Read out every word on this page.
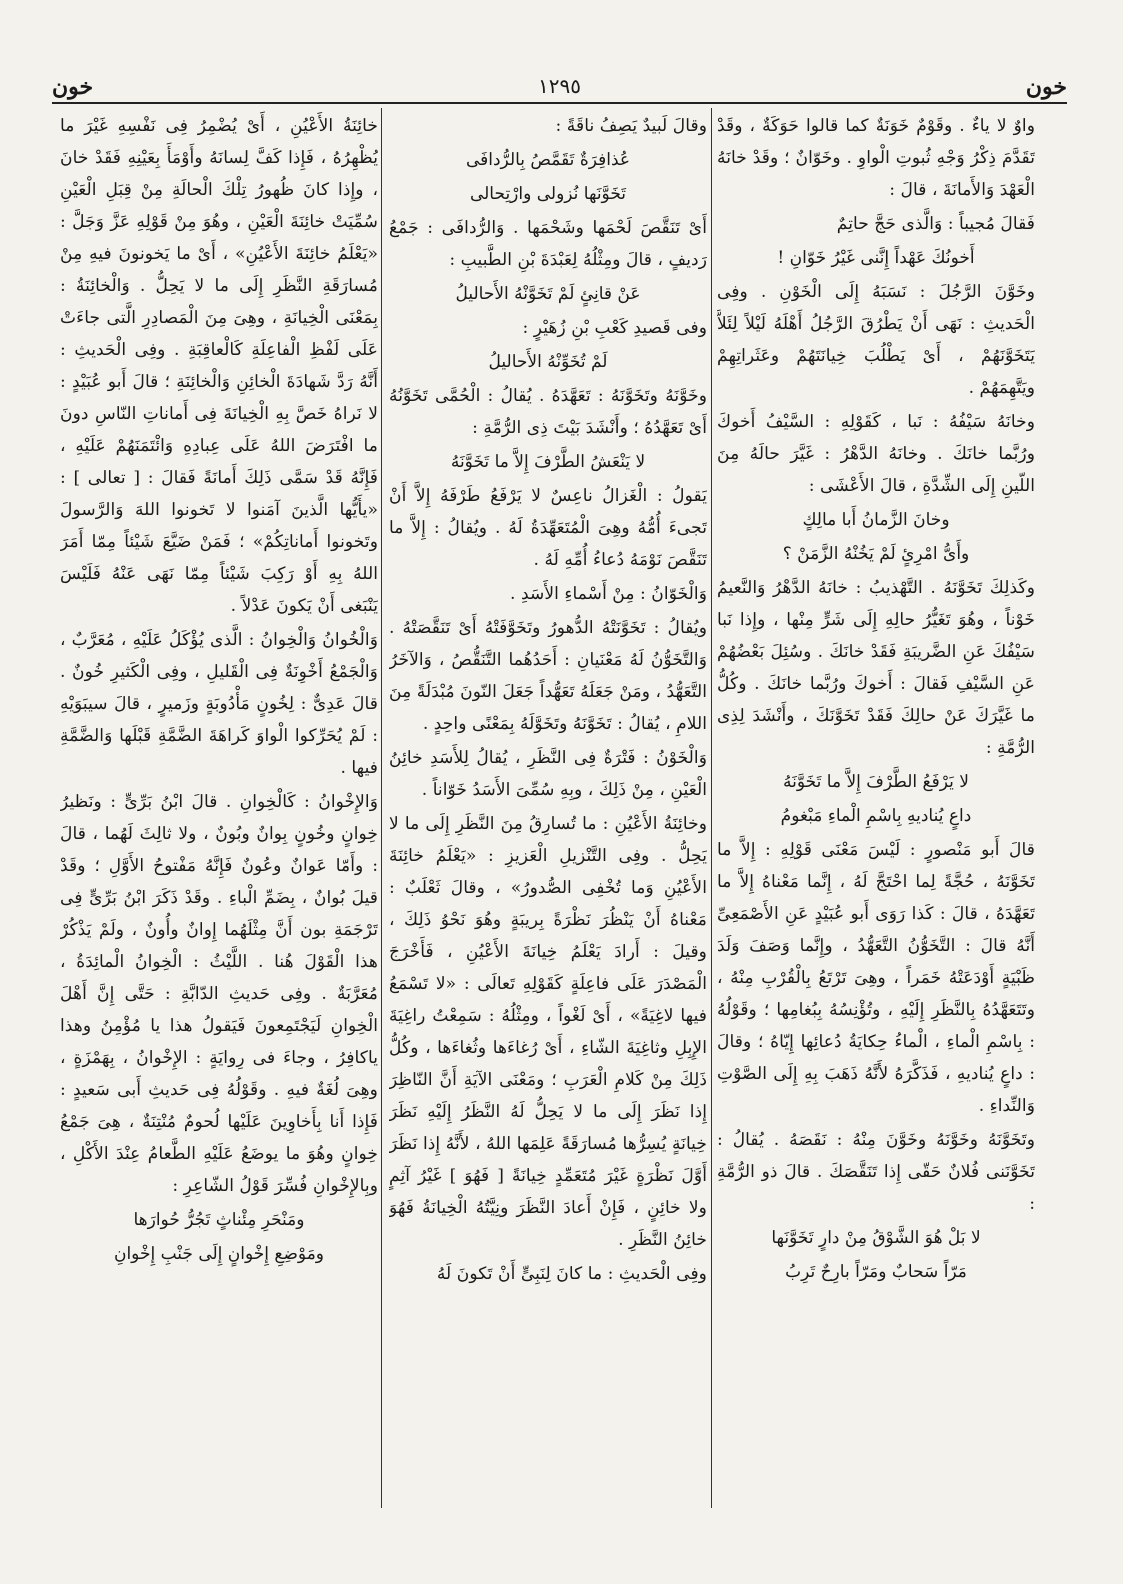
خون	١٢٩٥	خون

واوٌ لا ياءٌ . وقَوْمٌ خَوَنَةٌ كما قالوا حَوَكَةٌ ، وقَدْ تَقَدَّمَ ذِكْرُ وَجْهِ ثُبوتِ الْواوِ . وخَوّانٌ ؛ وقَدْ خانَهُ الْعَهْدَ وَالأَمانَةَ ، قالَ :

فَقالَ مُجيباً : وَالَّذى حَجَّ حاتِمٌ

أَخونُكَ عَهْداً إِنَّنى غَيْرُ خَوّانِ !

وخَوَّنَ الرَّجُلَ : نَسَبَهُ إِلَى الْخَوْنِ . وفِى الْحَديثِ : نَهَى أَنْ يَطْرُقَ الرَّجُلُ أَهْلَهُ لَيْلاً لِئَلاَّ يَتَخَوَّنَهُمْ ، أَىْ يَطْلُبَ خِيانَتَهُمْ وعَثَراتِهِمْ ويَتَّهِمَهُمْ .

وخانَهُ سَيْفُهُ : نَبا ، كَقَوْلِهِ : السَّيْفُ أَخوكَ ورُبَّما خانَكَ . وخانَهُ الدَّهْرُ : غَيَّرَ حالَهُ مِنَ اللّينِ إِلَى الشِّدَّةِ ، قالَ الأَعْشَى :

وخانَ الزَّمانُ أَبا مالِكٍ

وأَىُّ امْرِئٍ لَمْ يَخُنْهُ الزَّمَنْ ؟

وكَذلِكَ تَخَوَّنَهُ . التَّهْذيبُ : خانَهُ الدَّهْرُ وَالنَّعيمُ خَوْناً ، وهُوَ تَغَيُّرُ حالِهِ إِلَى شَرٍّ مِنْها ، وإِذا نَبا سَيْفُكَ عَنِ الضَّريبَةِ فَقَدْ خانَكَ . وسُئِلَ بَعْضُهُمْ عَنِ السَّيْفِ فَقالَ : أَخوكَ ورُبَّما خانَكَ . وكُلُّ ما غَيَّرَكَ عَنْ حالِكَ فَقَدْ تَخَوَّنَكَ ، وأَنْشَدَ لِذِى الرُّمَّةِ :

لا يَرْفَعُ الطَّرْفَ إِلاَّ ما تَخَوَّنَهُ

داعٍ يُناديهِ بِاسْمِ الْماءِ مَبْغومُ

قالَ أَبو مَنْصورٍ : لَيْسَ مَعْنَى قَوْلِهِ : إِلاَّ ما تَخَوَّنَهُ ، حُجَّةً لِما احْتَجَّ لَهُ ، إِنَّما مَعْناهُ إِلاَّ ما تَعَهَّدَهُ ، قالَ : كَذا رَوَى أَبو عُبَيْدٍ عَنِ الأَصْمَعِىِّ أَنَّهُ قالَ : التَّخَوُّنُ التَّعَهُّدُ ، وإِنَّما وَصَفَ وَلَدَ ظَبْيَةٍ أَوْدَعَتْهُ خَمَراً ، وهِىَ تَرْتَعُ بِالْقُرْبِ مِنْهُ ، وتَتَعَهَّدُهُ بِالنَّظَرِ إِلَيْهِ ، وتُؤْنِسُهُ بِبُغامِها ؛ وقَوْلُهُ : بِاسْمِ الْماءِ ، الْماءُ حِكايَةُ دُعائِها إِيّاهُ ؛ وقالَ : داعٍ يُناديهِ ، فَذَكَّرَهُ لأَنَّهُ ذَهَبَ بِهِ إِلَى الصَّوْتِ وَالنِّداءِ .

وتَخَوَّنَهُ وخَوَّنَهُ وخَوَّنَ مِنْهُ : نَقَصَهُ . يُقالُ : تَخَوَّنَنى فُلانٌ حَقّى إِذا تَنَقَّصَكَ . قالَ ذو الرُّمَّةِ :

لا بَلْ هُوَ الشَّوْقُ مِنْ دارٍ تَخَوَّنَها

مَرّاً سَحابٌ ومَرّاً بارِحٌ تَرِبُ

وقالَ لَبيدٌ يَصِفُ ناقَةً :

عُذافِرَةٌ تَقَمَّصُ بِالرُّدافَى

تَخَوَّنَها نُزولى وارْتِحالى

أَىْ تَنَقَّصَ لَحْمَها وشَحْمَها . وَالرُّدافَى : جَمْعُ رَديفٍ ، قالَ ومِثْلُهُ لِعَبْدَةَ بْنِ الطَّبيبِ :

عَنْ قانِئٍ لَمْ تَخَوَّنْهُ الأَحاليلُ

وفى قَصيدِ كَعْبِ بْنِ زُهَيْرٍ :

لَمْ تُخَوِّنْهُ الأَحاليلُ

وخَوَّنَهُ وتَخَوَّنَهُ : تَعَهَّدَهُ . يُقالُ : الْحُمَّى تَخَوَّنُهُ أَىْ تَعَهَّدُهُ ؛ وأَنْشَدَ بَيْتَ ذِى الرُّمَّةِ :

لا يَنْعَشُ الطَّرْفَ إِلاَّ ما تَخَوَّنَهُ

يَقولُ : الْغَزالُ ناعِسٌ لا يَرْفَعُ طَرْفَهُ إِلاَّ أَنْ تَجىءَ أُمُّهُ وهِىَ الْمُتَعَهِّدَةُ لَهُ . ويُقالُ : إِلاَّ ما تَنَقَّصَ نَوْمَهُ دُعاءُ أُمِّهِ لَهُ .

وَالْخَوّانُ : مِنْ أَسْماءِ الأَسَدِ .

ويُقالُ : تَخَوَّنَتْهُ الدُّهورُ وتَخَوَّفَتْهُ أَىْ تَنَقَّصَتْهُ . وَالتَّخَوُّنُ لَهُ مَعْنَيانِ : أَحَدُهُما التَّنَقُّصُ ، وَالآخَرُ التَّعَهُّدُ ، ومَنْ جَعَلَهُ تَعَهُّداً جَعَلَ النّونَ مُبْدَلَةً مِنَ اللامِ ، يُقالُ : تَخَوَّنَهُ وتَخَوَّلَهُ بِمَعْنًى واحِدٍ .

وَالْخَوْنُ : فَتْرَةٌ فِى النَّظَرِ ، يُقالُ لِلأَسَدِ خائِنُ الْعَيْنِ ، مِنْ ذَلِكَ ، وبِهِ سُمِّىَ الأَسَدُ خَوّاناً .

وخائِنَةُ الأَعْيُنِ : ما تُسارِقُ مِنَ النَّظَرِ إِلَى ما لا يَحِلُّ . وفِى التَّنْزيلِ الْعَزيزِ : «يَعْلَمُ خائِنَةَ الأَعْيُنِ وَما تُخْفِى الصُّدورُ» ، وقالَ ثَعْلَبٌ : مَعْناهُ أَنْ يَنْظُرَ نَظْرَةً بِريبَةٍ وهُوَ نَحْوُ ذَلِكَ ، وقيلَ : أَرادَ يَعْلَمُ خِيانَةَ الأَعْيُنِ ، فَأَخْرَجَ الْمَصْدَرَ عَلَى فاعِلَةٍ كَقَوْلِهِ تَعالَى : «لا تَسْمَعُ فيها لاغِيَةً» ، أَىْ لَغْواً ، ومِثْلُهُ : سَمِعْتُ راغِيَةَ الإِبِلِ وثاغِيَةَ الشّاءِ ، أَىْ رُغاءَها وثُغاءَها ، وكُلُّ ذَلِكَ مِنْ كَلامِ الْعَرَبِ ؛ ومَعْنَى الآيَةِ أَنَّ النّاظِرَ إِذا نَظَرَ إِلَى ما لا يَحِلُّ لَهُ النَّظَرُ إِلَيْهِ نَظَرَ خِيانَةٍ يُسِرُّها مُسارَقَةً عَلِمَها اللهُ ، لأَنَّهُ إِذا نَظَرَ أَوَّلَ نَظْرَةٍ غَيْرَ مُتَعَمِّدٍ خِيانَةً [ فَهُوَ ] غَيْرُ آثِمٍ ولا خائِنٍ ، فَإِنْ أَعادَ النَّظَرَ ونِيَّتُهُ الْخِيانَةُ فَهُوَ خائِنُ النَّظَرِ .

وفِى الْحَديثِ : ما كانَ لِنَبِىٍّ أَنْ تَكونَ لَهُ

خائِنَةُ الأَعْيُنِ ، أَىْ يُضْمِرُ فِى نَفْسِهِ غَيْرَ ما يُظْهِرُهُ ، فَإِذا كَفَّ لِسانَهُ وأَوْمَأَ بِعَيْنِهِ فَقَدْ خانَ ، وإِذا كانَ ظُهورُ تِلْكَ الْحالَةِ مِنْ قِبَلِ الْعَيْنِ سُمِّيَتْ خائِنَةَ الْعَيْنِ ، وهُوَ مِنْ قَوْلِهِ عَزَّ وَجَلَّ : «يَعْلَمُ خائِنَةَ الأَعْيُنِ» ، أَىْ ما يَخونونَ فيهِ مِنْ مُسارَقَةِ النَّظَرِ إِلَى ما لا يَحِلُّ . وَالْخائِنَةُ : بِمَعْنَى الْخِيانَةِ ، وهِىَ مِنَ الْمَصادِرِ الَّتى جاءَتْ عَلَى لَفْظِ الْفاعِلَةِ كَالْعاقِبَةِ . وفِى الْحَديثِ : أَنَّهُ رَدَّ شَهادَةَ الْخائِنِ وَالْخائِنَةِ ؛ قالَ أَبو عُبَيْدٍ : لا نَراهُ خَصَّ بِهِ الْخِيانَةَ فِى أَماناتِ النّاسِ دونَ ما افْتَرَضَ اللهُ عَلَى عِبادِهِ وَائْتَمَنَهُمْ عَلَيْهِ ، فَإِنَّهُ قَدْ سَمَّى ذَلِكَ أَمانَةً فَقالَ : [ تعالى ] : «يأَيُّها الَّذينَ آمَنوا لا تَخونوا اللهَ وَالرَّسولَ وتَخونوا أَماناتِكُمْ» ؛ فَمَنْ ضَيَّعَ شَيْئاً مِمّا أَمَرَ اللهُ بِهِ أَوْ رَكِبَ شَيْئاً مِمّا نَهَى عَنْهُ فَلَيْسَ يَنْبَغى أَنْ يَكونَ عَدْلاً .

وَالْخُوانُ وَالْخِوانُ : الَّذى يُؤْكَلُ عَلَيْهِ ، مُعَرَّبٌ ، وَالْجَمْعُ أَخْوِنَةٌ فِى الْقَليلِ ، وفِى الْكَثيرِ خُونٌ . قالَ عَدِىٌّ : لِخُونٍ مَأْدُوبَةٍ وزَميرٍ ، قالَ سيبَوَيْهِ : لَمْ يُحَرِّكوا الْواوَ كَراهَةَ الضَّمَّةِ قَبْلَها وَالضَّمَّةِ فيها .

وَالإِخْوانُ : كَالْخِوانِ . قالَ ابْنُ بَرِّىٍّ : ونَظيرُ خِوانٍ وخُونٍ بِوانٌ وبُونٌ ، ولا ثالِثَ لَهُما ، قالَ : وأَمّا عَوانٌ وعُونٌ فَإِنَّهُ مَفْتوحُ الأَوَّلِ ؛ وقَدْ قيلَ بُوانٌ ، بِضَمِّ الْباءِ . وقَدْ ذَكَرَ ابْنُ بَرِّىٍّ فِى تَرْجَمَةِ بون أَنَّ مِثْلَهُما إِوانٌ وأُونٌ ، ولَمْ يَذْكُرْ هذا الْقَوْلَ هُنا . اللَّيْثُ : الْخِوانُ الْمائِدَةُ ، مُعَرَّبَةٌ . وفِى حَديثِ الدّابَّةِ : حَتَّى إِنَّ أَهْلَ الْخِوانِ لَيَجْتَمِعونَ فَيَقولُ هذا يا مُؤْمِنُ وهذا ياكافِرُ ، وجاءَ فى رِوايَةٍ : الإِخْوانُ ، بِهَمْزَةٍ ، وهِىَ لُغَةٌ فيهِ . وقَوْلُهُ فِى حَديثِ أَبى سَعيدٍ : فَإِذا أَنا بِأَخاوِينَ عَلَيْها لُحومٌ مُنْتِنَةٌ ، هِىَ جَمْعُ خِوانٍ وهُوَ ما يوضَعُ عَلَيْهِ الطَّعامُ عِنْدَ الأَكْلِ ، وبِالإِخْوانِ فُسِّرَ قَوْلُ الشّاعِرِ :

ومَنْحَرِ مِئْناثٍ تَجُرُّ حُوارَها

ومَوْضِعِ إِخْوانٍ إِلَى جَنْبِ إِخْوانِ
